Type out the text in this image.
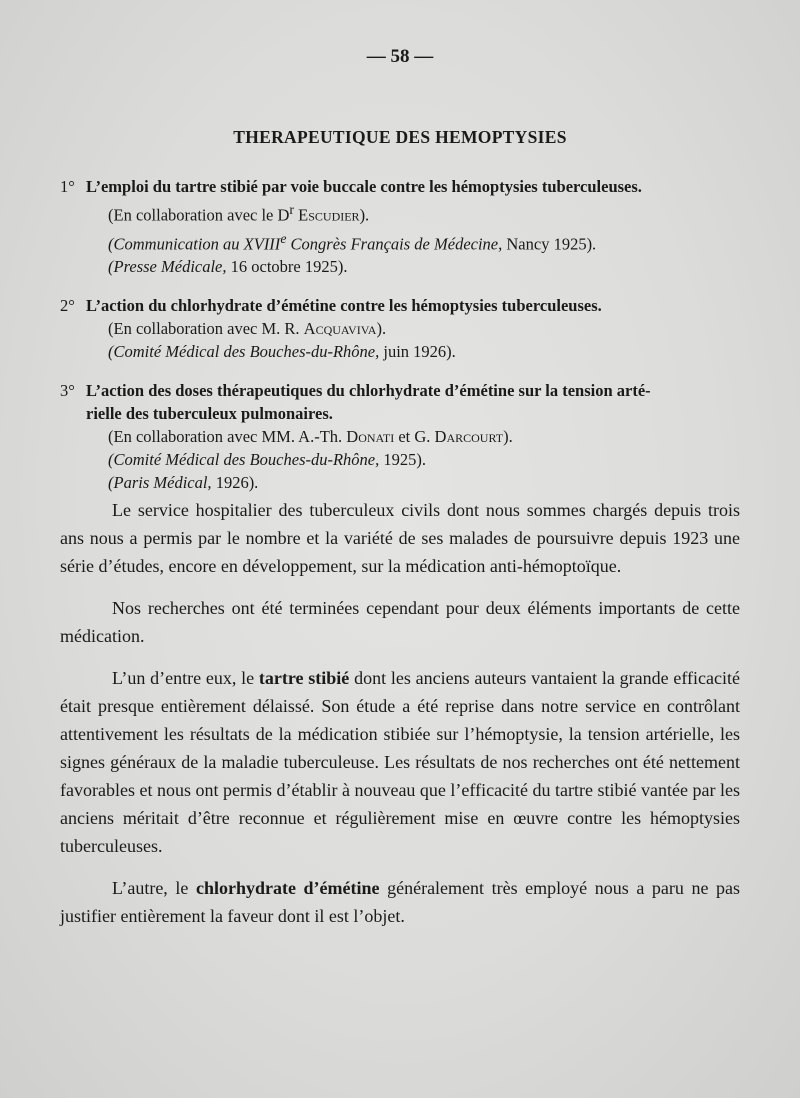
— 58 —
THERAPEUTIQUE DES HEMOPTYSIES
1° L’emploi du tartre stibié par voie buccale contre les hémoptysies tuberculeuses.
(En collaboration avec le $D^r$ Escudier).
(Communication au XVIIIe Congrès Français de Médecine, Nancy 1925).
(Presse Médicale, 16 octobre 1925).
2° L’action du chlorhydrate d’émétine contre les hémoptysies tuberculeuses.
(En collaboration avec M. R. Acquaviva).
(Comité Médical des Bouches-du-Rhône, juin 1926).
3° L’action des doses thérapeutiques du chlorhydrate d’émétine sur la tension arté-
rielle des tuberculeux pulmonaires.
(En collaboration avec MM. A.-Th. Donati et G. Darcourt).
(Comité Médical des Bouches-du-Rhône, 1925).
(Paris Médical, 1926).

Le service hospitalier des tuberculeux civils dont nous sommes chargés depuis trois ans nous a permis par le nombre et la variété de ses malades de poursuivre depuis 1923 une série d’études, encore en développement, sur la médication anti-hémoptoïque.

Nos recherches ont été terminées cependant pour deux éléments importants de cette médication.

L’un d’entre eux, le tartre stibié dont les anciens auteurs vantaient la grande efficacité était presque entièrement délaissé. Son étude a été reprise dans notre service en contrôlant attentivement les résultats de la médication stibiée sur l’hémoptysie, la tension artérielle, les signes généraux de la maladie tuberculeuse. Les résultats de nos recherches ont été nettement favorables et nous ont permis d’établir à nouveau que l’efficacité du tartre stibié vantée par les anciens méritait d’être reconnue et régulièrement mise en œuvre contre les hémoptysies tuberculeuses.

L’autre, le chlorhydrate d’émétine généralement très employé nous a paru ne pas justifier entièrement la faveur dont il est l’objet.
